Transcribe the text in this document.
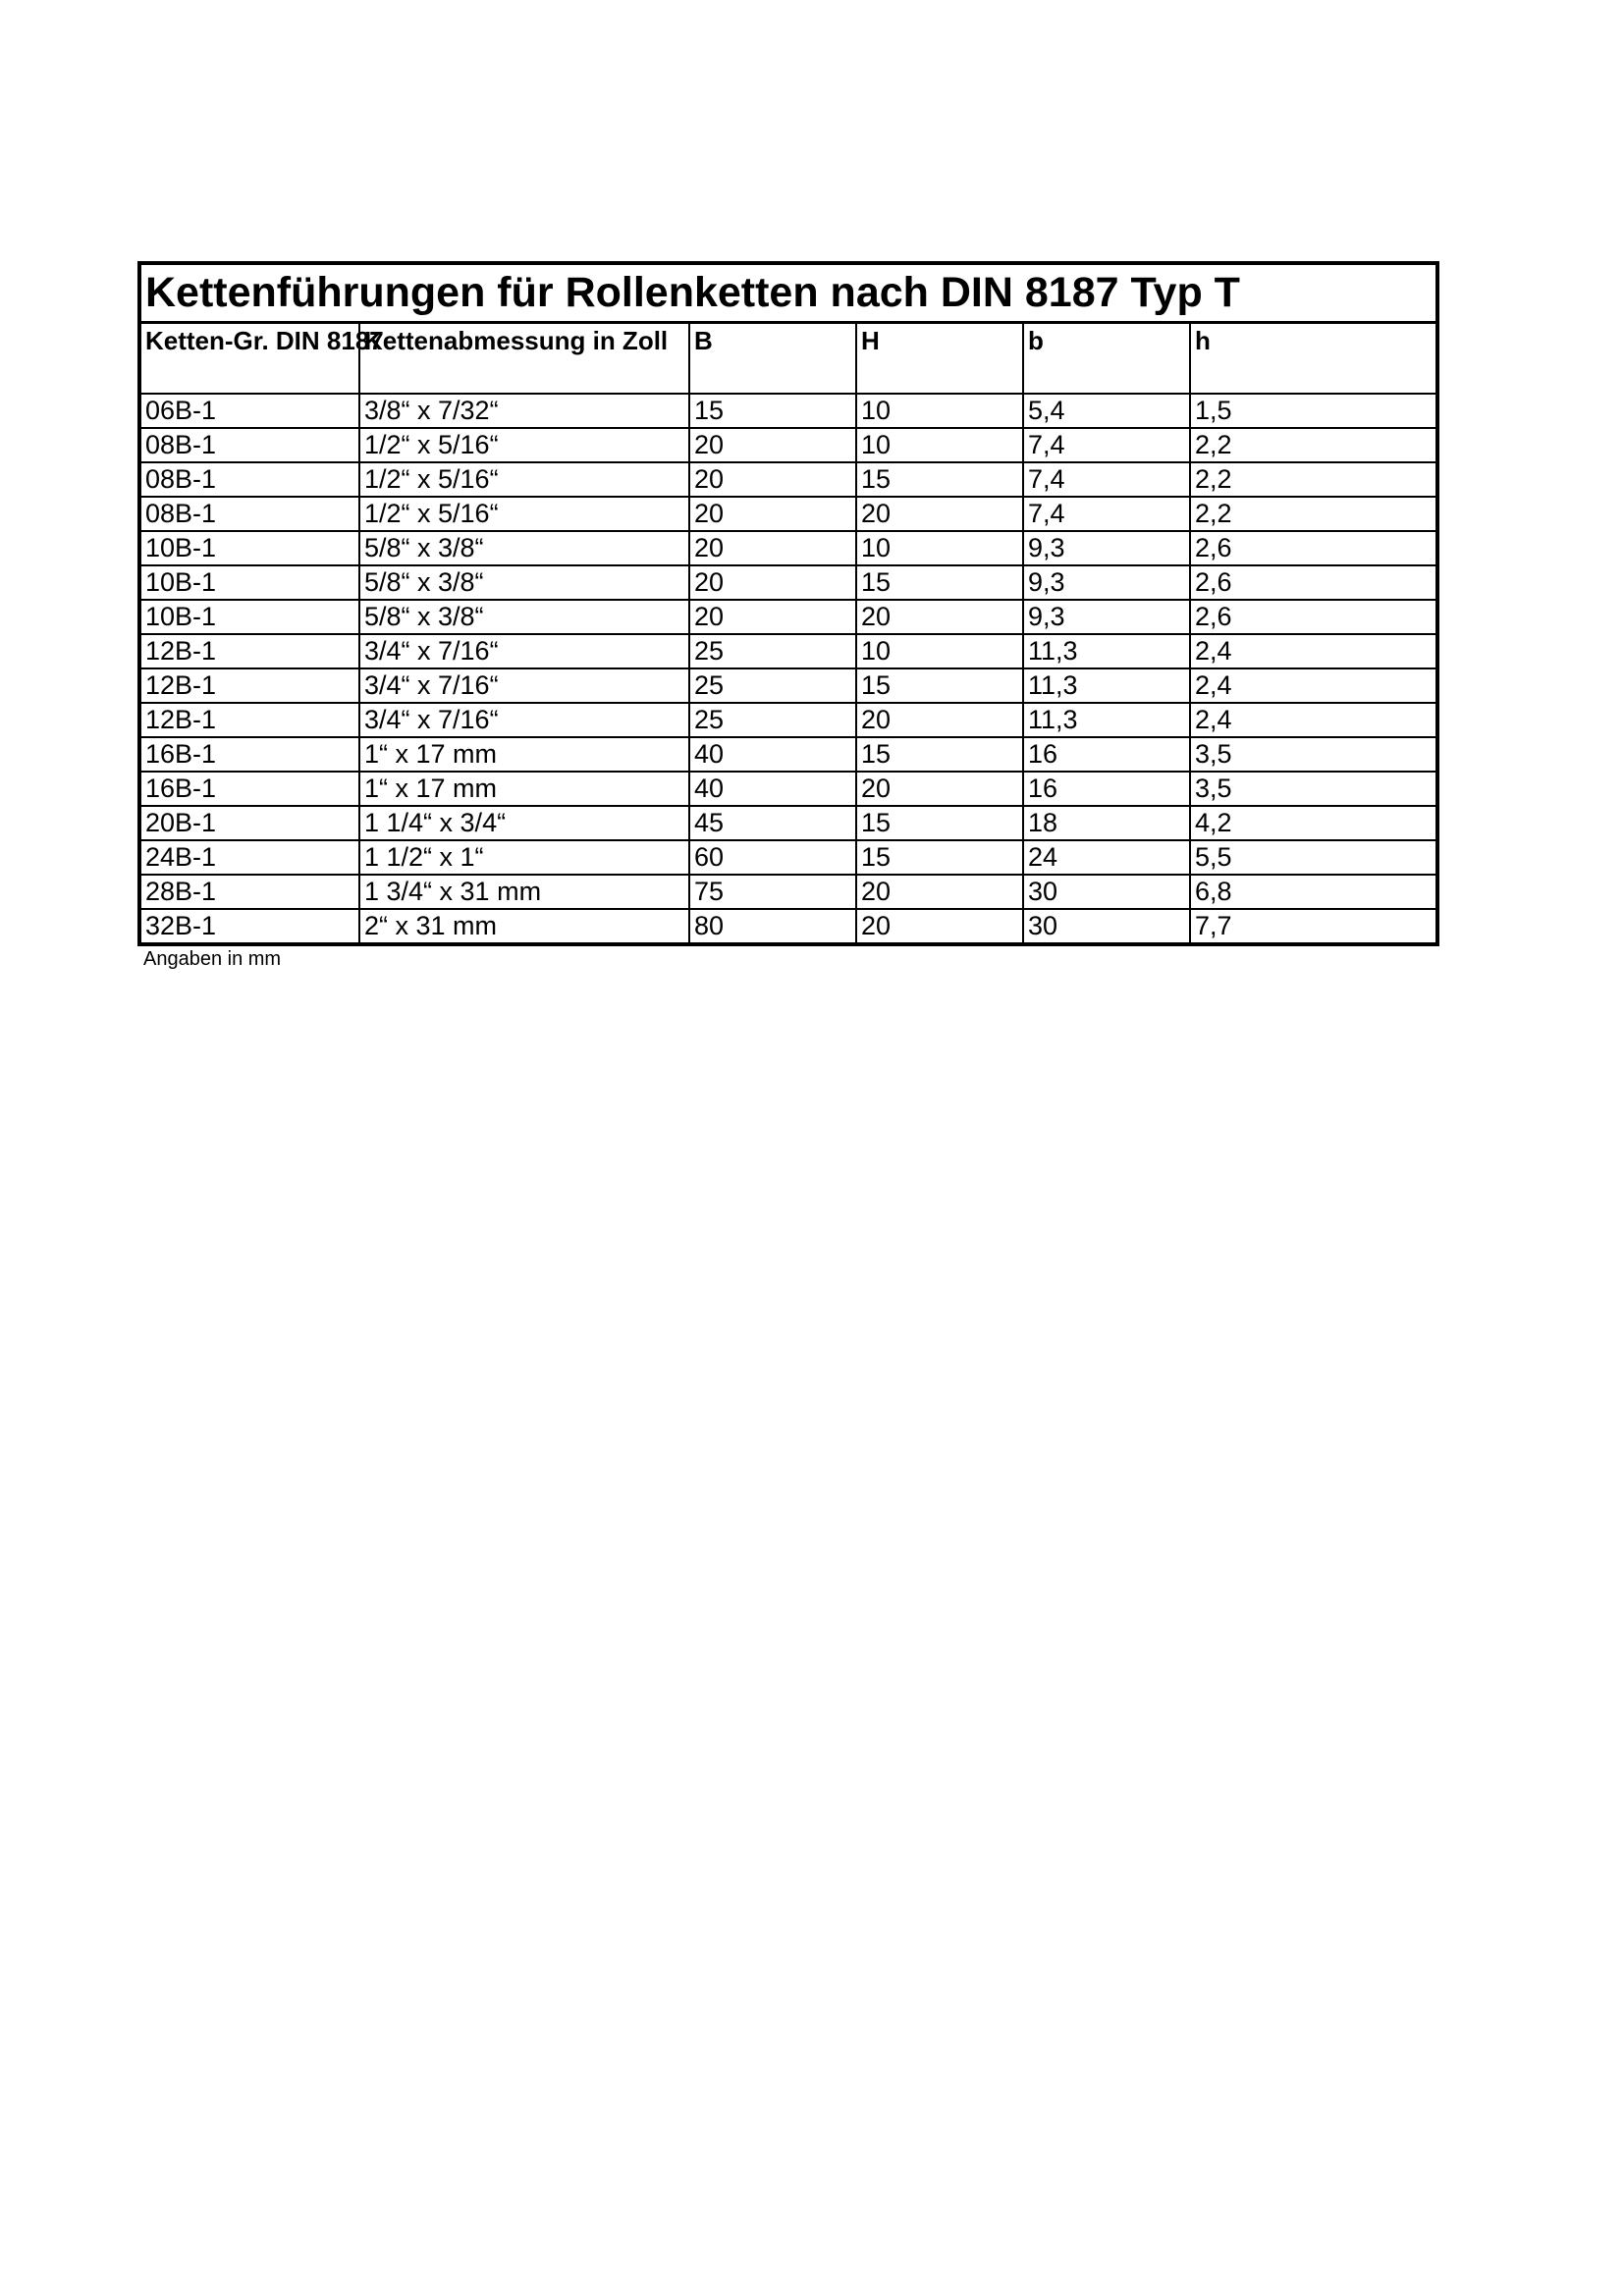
Kettenführungen für Rollenketten nach DIN 8187 Typ T					
Ketten-Gr. DIN 8187	Kettenabmessung in Zoll	B	H	b	h
06B-1	3/8“ x 7/32“	15	10	5,4	1,5
08B-1	1/2“ x 5/16“	20	10	7,4	2,2
08B-1	1/2“ x 5/16“	20	15	7,4	2,2
08B-1	1/2“ x 5/16“	20	20	7,4	2,2
10B-1	5/8“ x 3/8“	20	10	9,3	2,6
10B-1	5/8“ x 3/8“	20	15	9,3	2,6
10B-1	5/8“ x 3/8“	20	20	9,3	2,6
12B-1	3/4“ x 7/16“	25	10	11,3	2,4
12B-1	3/4“ x 7/16“	25	15	11,3	2,4
12B-1	3/4“ x 7/16“	25	20	11,3	2,4
16B-1	1“ x 17 mm	40	15	16	3,5
16B-1	1“ x 17 mm	40	20	16	3,5
20B-1	1 1/4“ x 3/4“	45	15	18	4,2
24B-1	1 1/2“ x 1“	60	15	24	5,5
28B-1	1 3/4“ x 31 mm	75	20	30	6,8
32B-1	2“ x 31 mm	80	20	30	7,7
Angaben in mm
